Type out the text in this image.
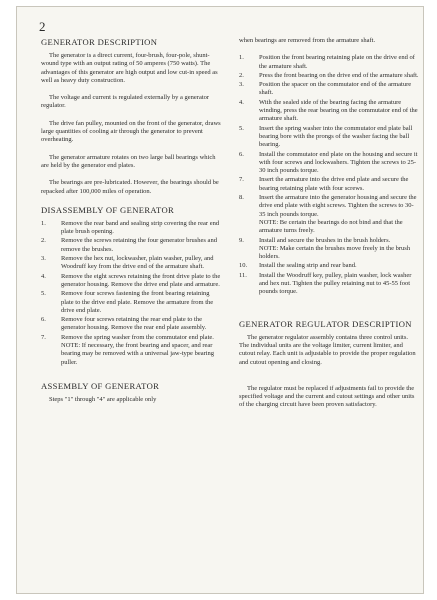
2
GENERATOR DESCRIPTION
The generator is a direct current, four-brush, four-pole, shunt-wound type with an output rating of 50 amperes (750 watts). The advantages of this generator are high output and low cut-in speed as well as heavy duty construction.
The voltage and current is regulated externally by a generator regulator.
The drive fan pulley, mounted on the front of the generator, draws large quantities of cooling air through the generator to prevent overheating.
The generator armature rotates on two large ball bearings which are held by the generator end plates.
The bearings are pre-lubricated. However, the bearings should be repacked after 100,000 miles of operation.
DISASSEMBLY OF GENERATOR
1. Remove the rear band and sealing strip covering the rear end plate brush opening.
2. Remove the screws retaining the four generator brushes and remove the brushes.
3. Remove the hex nut, lockwasher, plain washer, pulley, and Woodruff key from the drive end of the armature shaft.
4. Remove the eight screws retaining the front drive plate to the generator housing. Remove the drive end plate and armature.
5. Remove four screws fastening the front bearing retaining plate to the drive end plate. Remove the armature from the drive end plate.
6. Remove four screws retaining the rear end plate to the generator housing. Remove the rear end plate assembly.
7. Remove the spring washer from the commutator end plate.
NOTE: If necessary, the front bearing and spacer, and rear bearing may be removed with a universal jaw-type bearing puller.
ASSEMBLY OF GENERATOR
Steps "1" through "4" are applicable only
when bearings are removed from the armature shaft.
1. Position the front bearing retaining plate on the drive end of the armature shaft.
2. Press the front bearing on the drive end of the armature shaft.
3. Position the spacer on the commutator end of the armature shaft.
4. With the sealed side of the bearing facing the armature winding, press the rear bearing on the commutator end of the armature shaft.
5. Insert the spring washer into the commutator end plate ball bearing bore with the prongs of the washer facing the ball bearing.
6. Install the commutator end plate on the housing and secure it with four screws and lockwashers. Tighten the screws to 25-30 inch pounds torque.
7. Insert the armature into the drive end plate and secure the bearing retaining plate with four screws.
8. Insert the armature into the generator housing and secure the drive end plate with eight screws. Tighten the screws to 30-35 inch pounds torque.
NOTE: Be certain the bearings do not bind and that the armature turns freely.
9. Install and secure the brushes in the brush holders.
NOTE: Make certain the brushes move freely in the brush holders.
10. Install the sealing strip and rear band.
11. Install the Woodruff key, pulley, plain washer, lock washer and hex nut. Tighten the pulley retaining nut to 45-55 foot pounds torque.
GENERATOR REGULATOR DESCRIPTION
The generator regulator assembly contains three control units. The individual units are the voltage limiter, current limiter, and cutout relay. Each unit is adjustable to provide the proper regulation and cutout opening and closing.
The regulator must be replaced if adjustments fail to provide the specified voltage and the current and cutout settings and other units of the charging circuit have been proven satisfactory.
